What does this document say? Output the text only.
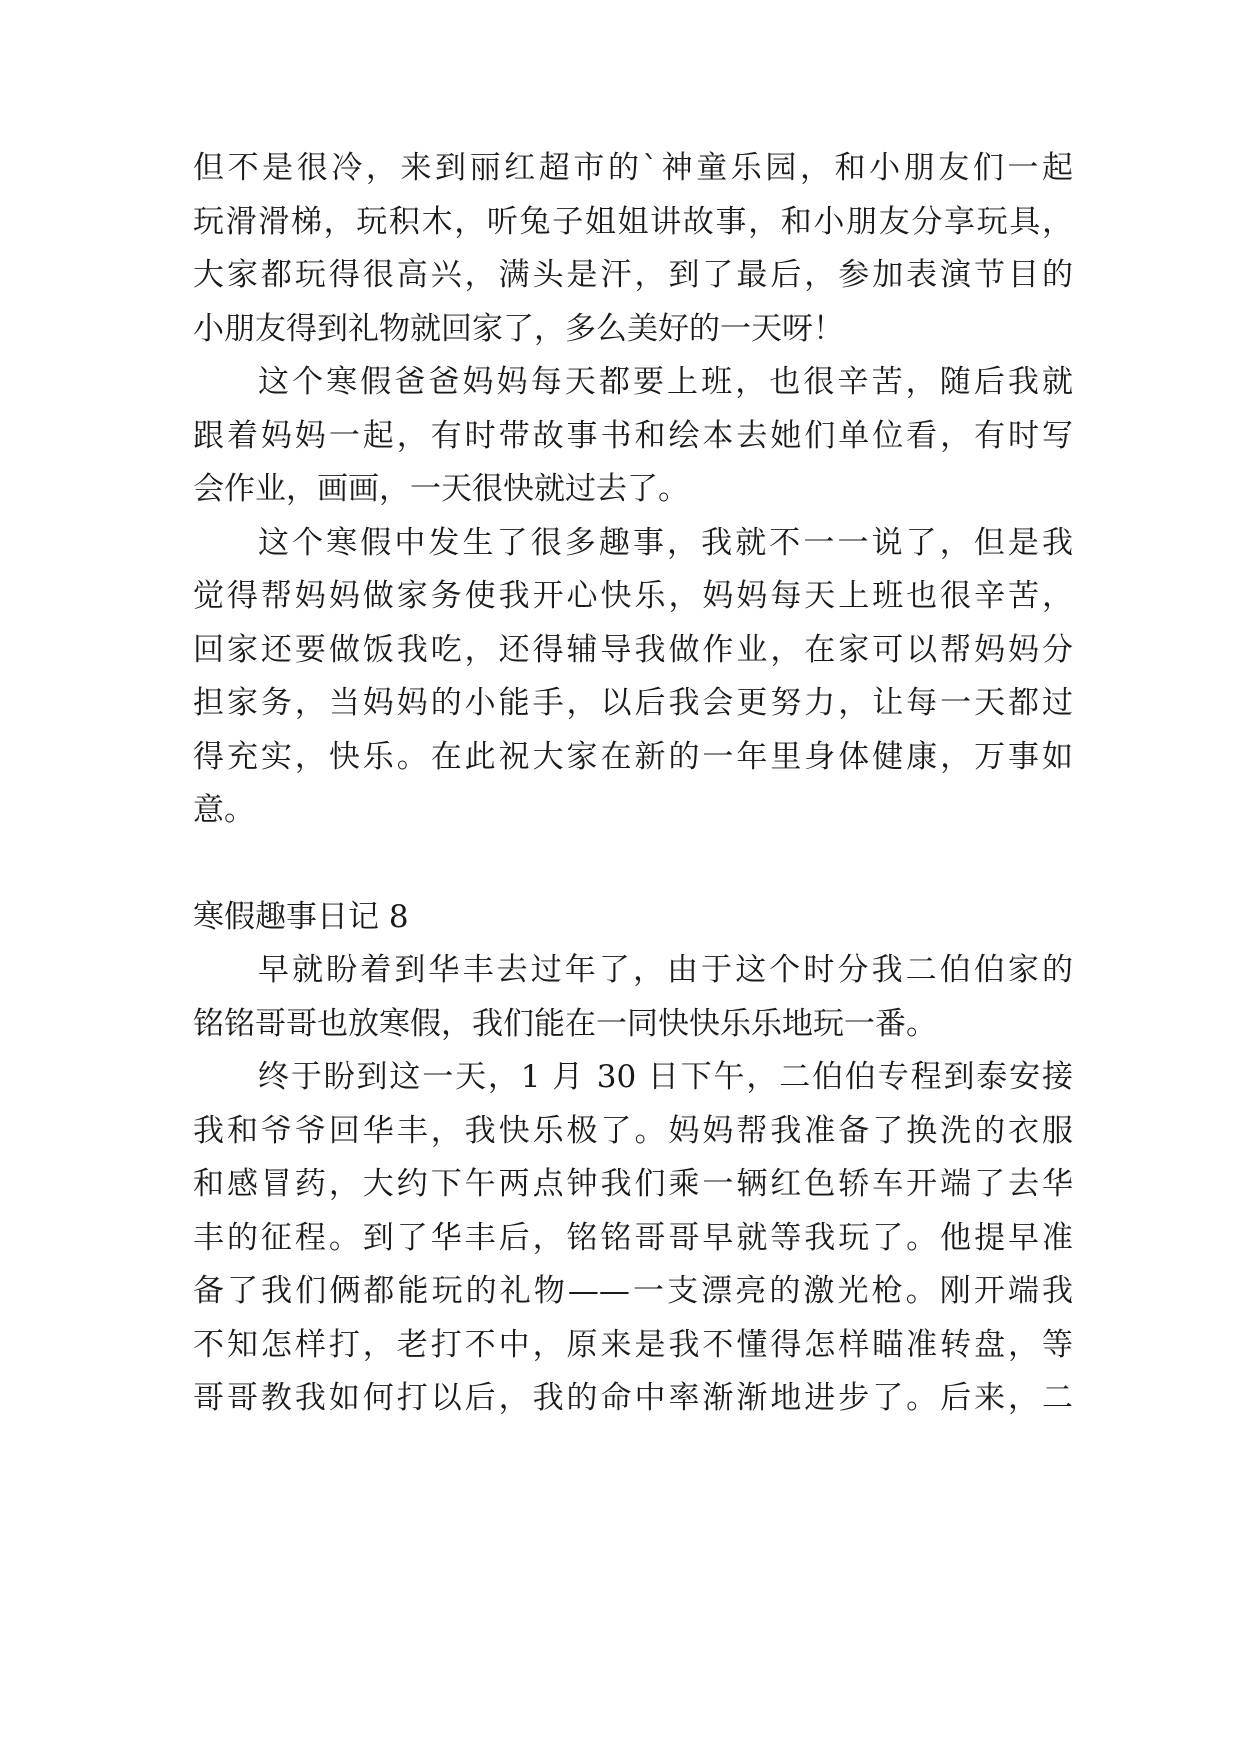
但不是很冷，来到丽红超市的`神童乐园，和小朋友们一起
玩滑滑梯，玩积木，听兔子姐姐讲故事，和小朋友分享玩具，
大家都玩得很高兴，满头是汗，到了最后，参加表演节目的
小朋友得到礼物就回家了，多么美好的一天呀！
这个寒假爸爸妈妈每天都要上班，也很辛苦，随后我就
跟着妈妈一起，有时带故事书和绘本去她们单位看，有时写
会作业，画画，一天很快就过去了。
这个寒假中发生了很多趣事，我就不一一说了，但是我
觉得帮妈妈做家务使我开心快乐，妈妈每天上班也很辛苦，
回家还要做饭我吃，还得辅导我做作业，在家可以帮妈妈分
担家务，当妈妈的小能手，以后我会更努力，让每一天都过
得充实，快乐。在此祝大家在新的一年里身体健康，万事如
意。
寒假趣事日记 8
早就盼着到华丰去过年了，由于这个时分我二伯伯家的
铭铭哥哥也放寒假，我们能在一同快快乐乐地玩一番。
终于盼到这一天，1 月 30 日下午，二伯伯专程到泰安接
我和爷爷回华丰，我快乐极了。妈妈帮我准备了换洗的衣服
和感冒药，大约下午两点钟我们乘一辆红色轿车开端了去华
丰的征程。到了华丰后，铭铭哥哥早就等我玩了。他提早准
备了我们俩都能玩的礼物——一支漂亮的激光枪。刚开端我
不知怎样打，老打不中，原来是我不懂得怎样瞄准转盘，等
哥哥教我如何打以后，我的命中率渐渐地进步了。后来，二
